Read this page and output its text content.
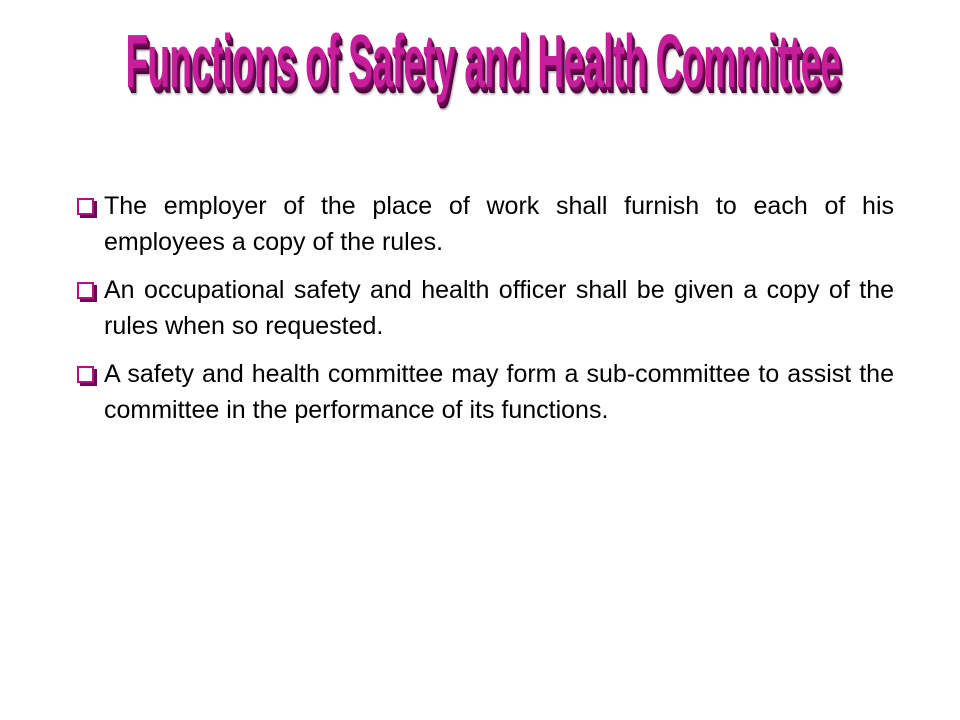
Functions of Safety and Health Committee
The employer of the place of work shall furnish to each of his employees a copy of the rules.
An occupational safety and health officer shall be given a copy of the rules when so requested.
A safety and health committee may form a sub-committee to assist the committee in the performance of its functions.
